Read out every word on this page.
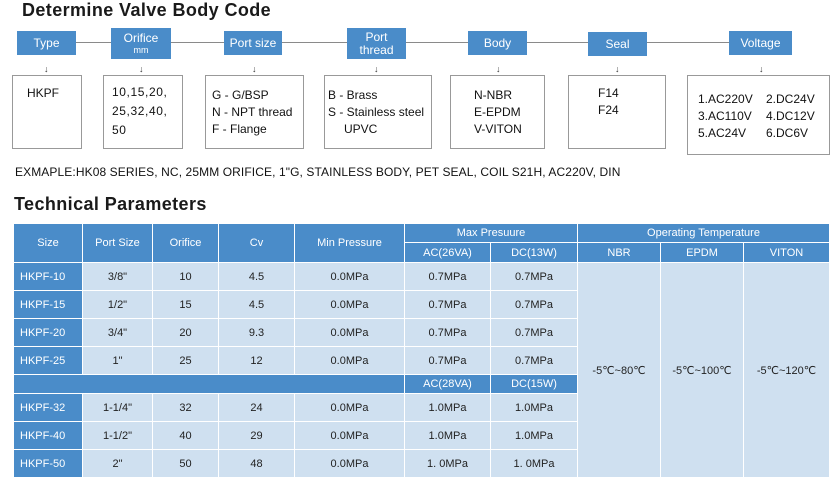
Determine Valve Body Code
Type	Orifice
mm
Port size	Port
thread	Body	Seal	Voltage
↓	↓	↓	↓	↓	↓	↓
HKPF	10,15,20,
25,32,40,
50
G - G/BSP
N - NPT thread
F - Flange
B - Brass
S - Stainless steel
UPVC
N-NBR
E-EPDM
V-VITON
F14
F24
1.AC220V 2.DC24V
3.AC110V 4.DC12V
5.AC24V 6.DC6V
EXMAPLE:HK08 SERIES, NC, 25MM ORIFICE, 1"G, STAINLESS BODY, PET SEAL, COIL S21H, AC220V, DIN
Technical Parameters
Size	Port Size	Orifice	Cv	Min Pressure	Max Presuure		Operating Temperature		
					AC(26VA)	DC(13W)	NBR	EPDM	VITON
HKPF-10	3/8"	10	4.5	0.0MPa	0.7MPa	0.7MPa	-5℃~80℃	-5℃~100℃	-5℃~120℃
HKPF-15	1/2"	15	4.5	0.0MPa	0.7MPa	0.7MPa			
HKPF-20	3/4"	20	9.3	0.0MPa	0.7MPa	0.7MPa			
HKPF-25	1"	25	12	0.0MPa	0.7MPa	0.7MPa			
					AC(28VA)	DC(15W)			
HKPF-32	1-1/4"	32	24	0.0MPa	1.0MPa	1.0MPa			
HKPF-40	1-1/2"	40	29	0.0MPa	1.0MPa	1.0MPa			
HKPF-50	2"	50	48	0.0MPa	1. 0MPa	1. 0MPa			
